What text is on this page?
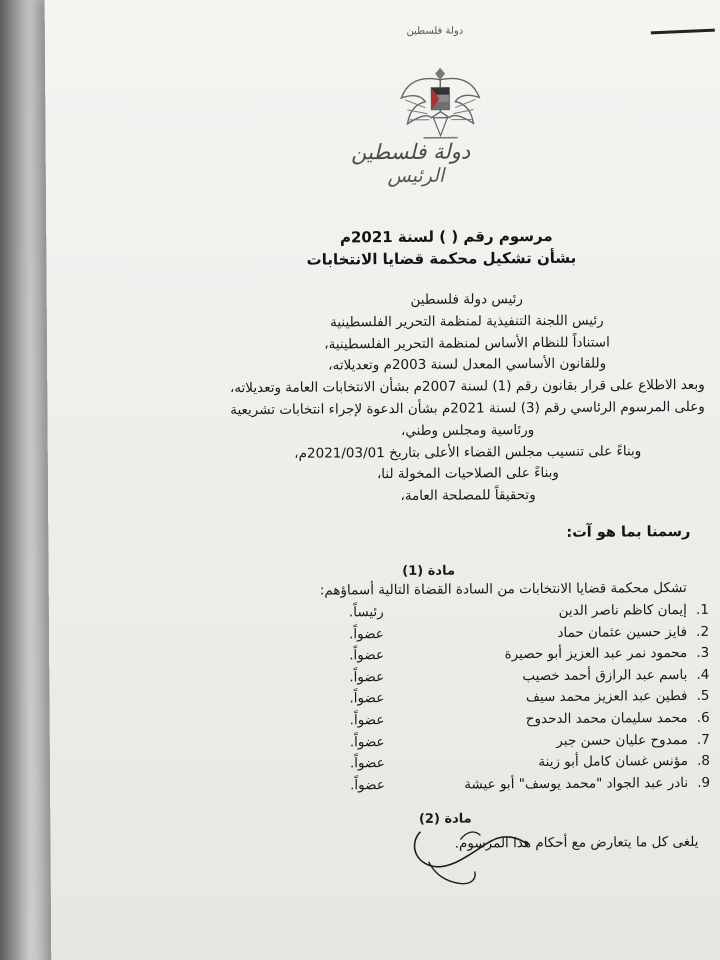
دولة فلسطين
دولة فلسطين
الرئيس
مرسوم رقم ( ) لسنة 2021م
بشأن تشكيل محكمة قضايا الانتخابات
رئيس دولة فلسطين
رئيس اللجنة التنفيذية لمنظمة التحرير الفلسطينية
استناداً للنظام الأساس لمنظمة التحرير الفلسطينية،
وللقانون الأساسي المعدل لسنة 2003م وتعديلاته،
وبعد الاطلاع على قرار بقانون رقم (1) لسنة 2007م بشأن الانتخابات العامة وتعديلاته،
وعلى المرسوم الرئاسي رقم (3) لسنة 2021م بشأن الدعوة لإجراء انتخابات تشريعية
ورئاسية ومجلس وطني،
وبناءً على تنسيب مجلس القضاء الأعلى بتاريخ 2021/03/01م،
وبناءً على الصلاحيات المخولة لنا،
وتحقيقاً للمصلحة العامة،
رسمنا بما هو آت:
مادة (1)
تشكل محكمة قضايا الانتخابات من السادة القضاة التالية أسماؤهم:
1.
إيمان كاظم ناصر الدين
رئيساً.
2.
فايز حسين عثمان حماد
عضواً.
3.
محمود نمر عبد العزيز أبو حصيرة
عضواً.
4.
باسم عبد الرازق أحمد خصيب
عضواً.
5.
فطين عبد العزيز محمد سيف
عضواً.
6.
محمد سليمان محمد الدحدوح
عضواً.
7.
ممدوح عليان حسن جبر
عضواً.
8.
مؤنس غسان كامل أبو زينة
عضواً.
9.
نادر عبد الجواد "محمد يوسف" أبو عيشة
عضواً.
مادة (2)
يلغى كل ما يتعارض مع أحكام هذا المرسوم.
